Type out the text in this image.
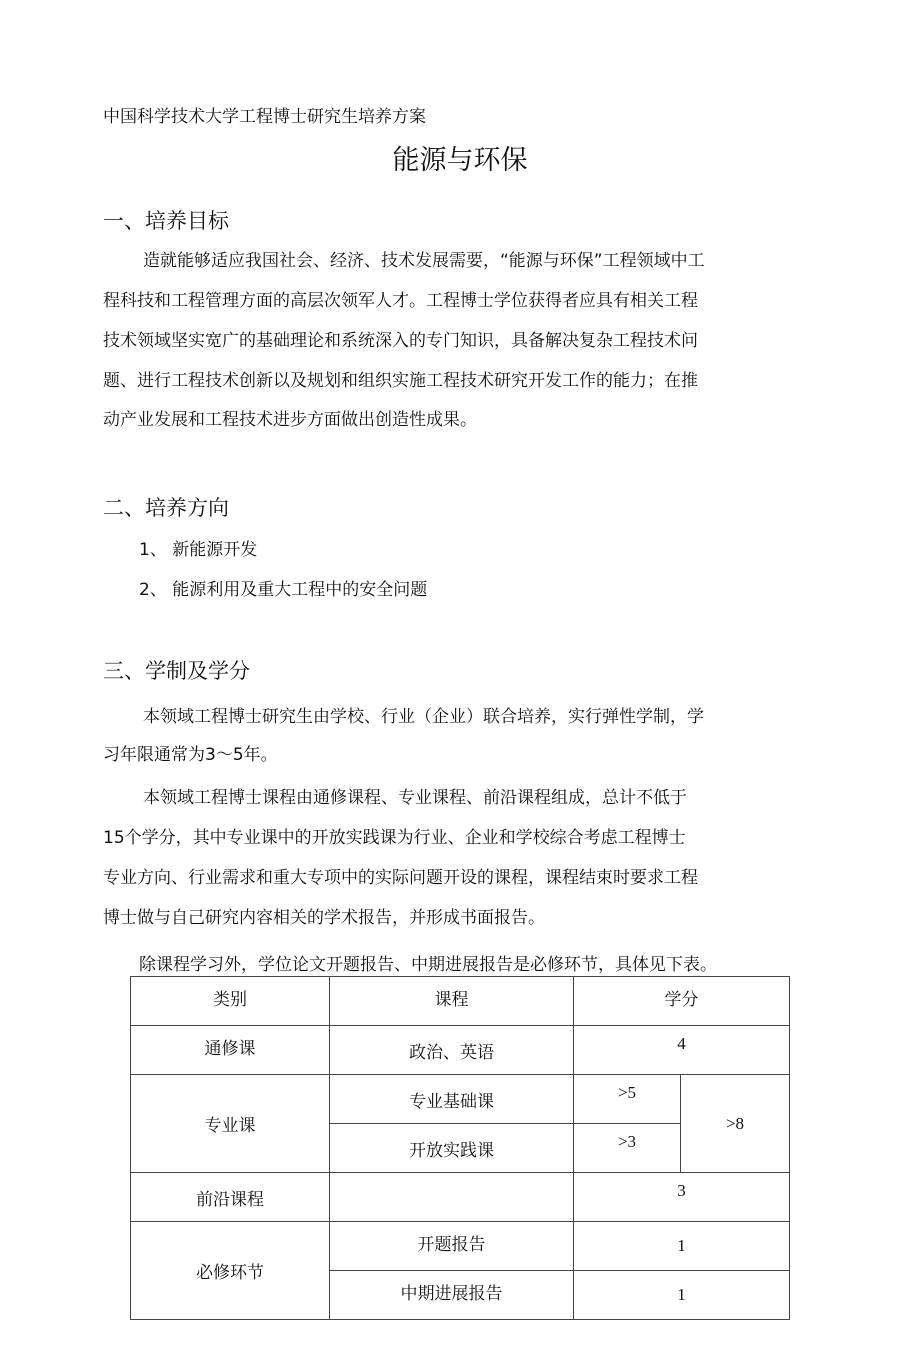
中国科学技术大学工程博士研究生培养方案
能源与环保
一、培养目标
造就能够适应我国社会、经济、技术发展需要，“能源与环保”工程领域中工
程科技和工程管理方面的高层次领军人才。工程博士学位获得者应具有相关工程
技术领域坚实宽广的基础理论和系统深入的专门知识，具备解决复杂工程技术问
题、进行工程技术创新以及规划和组织实施工程技术研究开发工作的能力；在推
动产业发展和工程技术进步方面做出创造性成果。
二、培养方向
1、 新能源开发
2、 能源利用及重大工程中的安全问题
三、学制及学分
本领域工程博士研究生由学校、行业（企业）联合培养，实行弹性学制，学
习年限通常为3～5年。
本领域工程博士课程由通修课程、专业课程、前沿课程组成，总计不低于
15个学分，其中专业课中的开放实践课为行业、企业和学校综合考虑工程博士
专业方向、行业需求和重大专项中的实际问题开设的课程，课程结束时要求工程
博士做与自己研究内容相关的学术报告，并形成书面报告。
除课程学习外，学位论文开题报告、中期进展报告是必修环节，具体见下表。
类别	课程	学分	
通修课	政治、英语	4	
专业课	专业基础课	>5	>8
	开放实践课	>3	
前沿课程		3	
必修环节	开题报告	1	
	中期进展报告	1	
